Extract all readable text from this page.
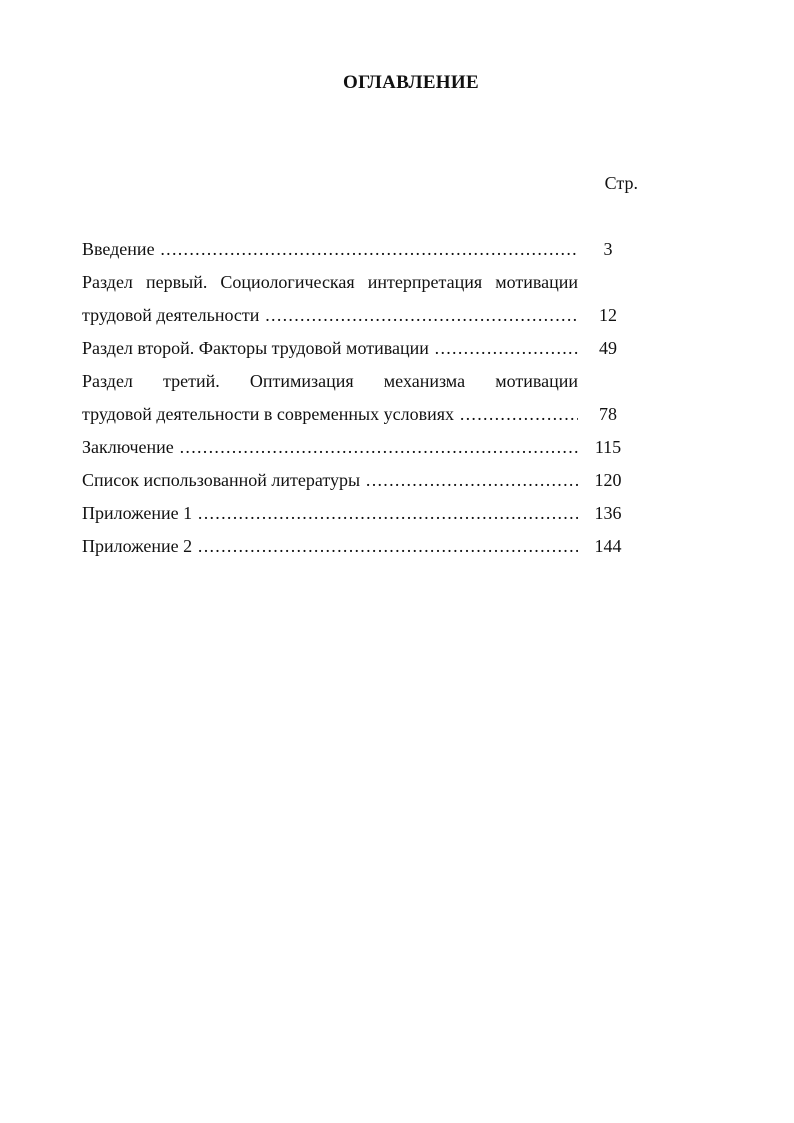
ОГЛАВЛЕНИЕ
Стр.
Введение .....	3
Раздел первый. Социологическая интерпретация мотивации
трудовой деятельности .....	12
Раздел второй. Факторы трудовой мотивации .....	49
Раздел третий. Оптимизация механизма мотивации
трудовой деятельности в современных условиях .....	78
Заключение .....	115
Список использованной литературы .....	120
Приложение 1 .....	136
Приложение 2 .....	144
